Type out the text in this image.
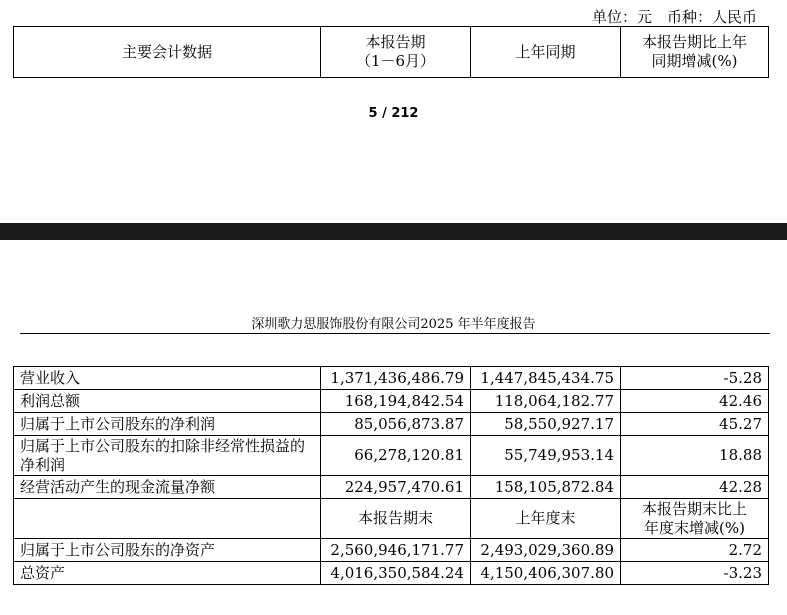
单位：元　币种：人民币
主要会计数据	本报告期
（1－6月）	上年同期	本报告期比上年
同期增减(%)
5 / 212
深圳歌力思服饰股份有限公司2025 年半年度报告
营业收入	1,371,436,486.79	1,447,845,434.75	-5.28
利润总额	168,194,842.54	118,064,182.77	42.46
归属于上市公司股东的净利润	85,056,873.87	58,550,927.17	45.27
归属于上市公司股东的扣除非经常性损益的净利润	66,278,120.81	55,749,953.14	18.88
经营活动产生的现金流量净额	224,957,470.61	158,105,872.84	42.28
	本报告期末	上年度末	本报告期末比上
年度末增减(%)
归属于上市公司股东的净资产	2,560,946,171.77	2,493,029,360.89	2.72
总资产	4,016,350,584.24	4,150,406,307.80	-3.23
